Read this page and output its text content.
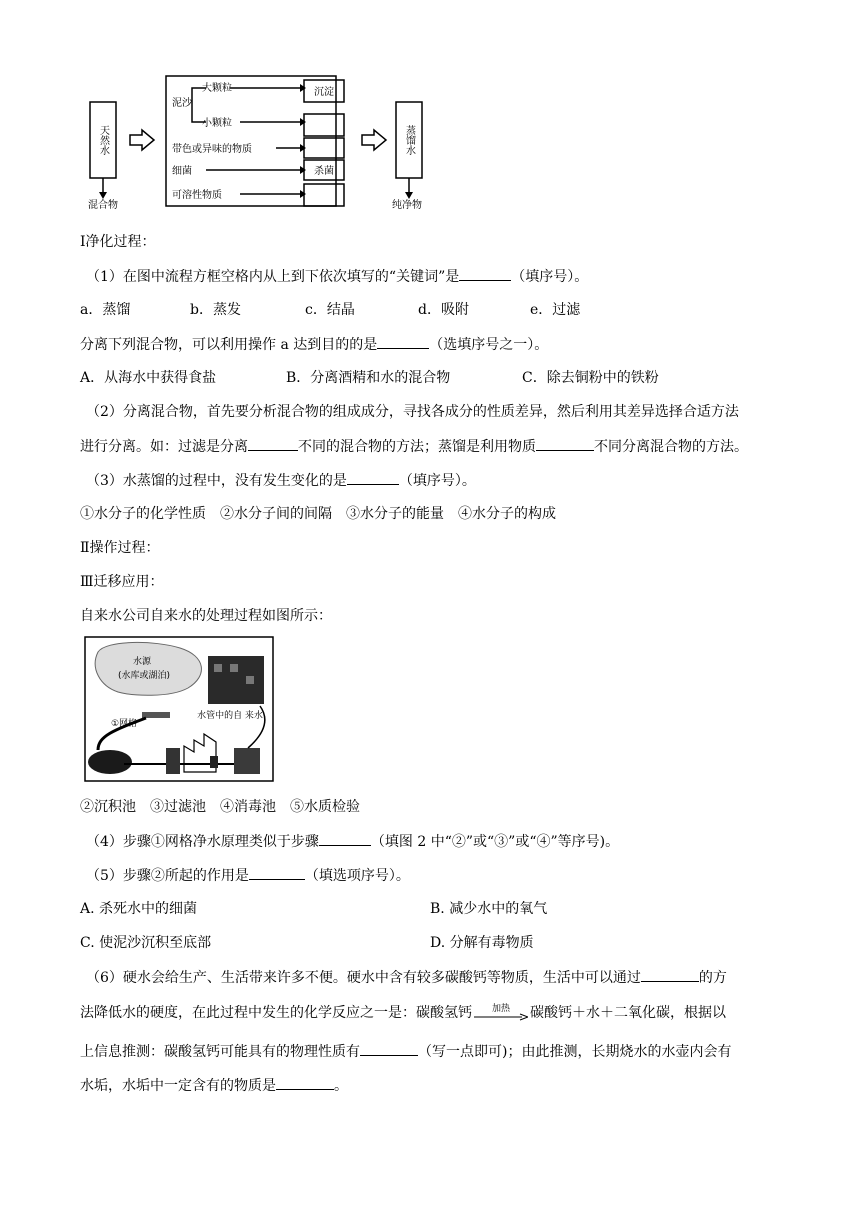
天然水
混合物
泥沙
大颗粒
小颗粒
带色或异味的物质
细菌
可溶性物质
沉淀
杀菌
蒸馏水
纯净物
Ⅰ净化过程：
（1）在图中流程方框空格内从上到下依次填写的“关键词”是	（填序号）。
a．蒸馏	b．蒸发	c．结晶	d．吸附	e．过滤
分离下列混合物，可以利用操作 a 达到目的的是	（选填序号之一）。
A．从海水中获得食盐	B．分离酒精和水的混合物	C．除去铜粉中的铁粉
（2）分离混合物，首先要分析混合物的组成成分，寻找各成分的性质差异，然后利用其差异选择合适方法
进行分离。如：过滤是分离	不同的混合物的方法；蒸馏是利用物质	不同分离混合物的方法。
（3）水蒸馏的过程中，没有发生变化的是	（填序号）。
①水分子的化学性质　②水分子间的间隔　③水分子的能量　④水分子的构成
Ⅱ操作过程：
Ⅲ迁移应用：
自来水公司自来水的处理过程如图所示：
水源
(水库或湖泊)
①网格
水管中的自 来水
②沉积池　③过滤池　④消毒池　⑤水质检验
（4）步骤①网格净水原理类似于步骤	（填图 2 中“②”或“③”或“④”等序号)。
（5）步骤②所起的作用是	（填选项序号）。
A. 杀死水中的细菌	B. 减少水中的氧气
C. 使泥沙沉积至底部	D. 分解有毒物质
（6）硬水会给生产、生活带来许多不便。硬水中含有较多碳酸钙等物质，生活中可以通过	的方
法降低水的硬度，在此过程中发生的化学反应之一是：碳酸氢钙	加热	碳酸钙＋水＋二氧化碳，根据以
上信息推测：碳酸氢钙可能具有的物理性质有	（写一点即可)；由此推测，长期烧水的水壶内会有
水垢，水垢中一定含有的物质是	。
